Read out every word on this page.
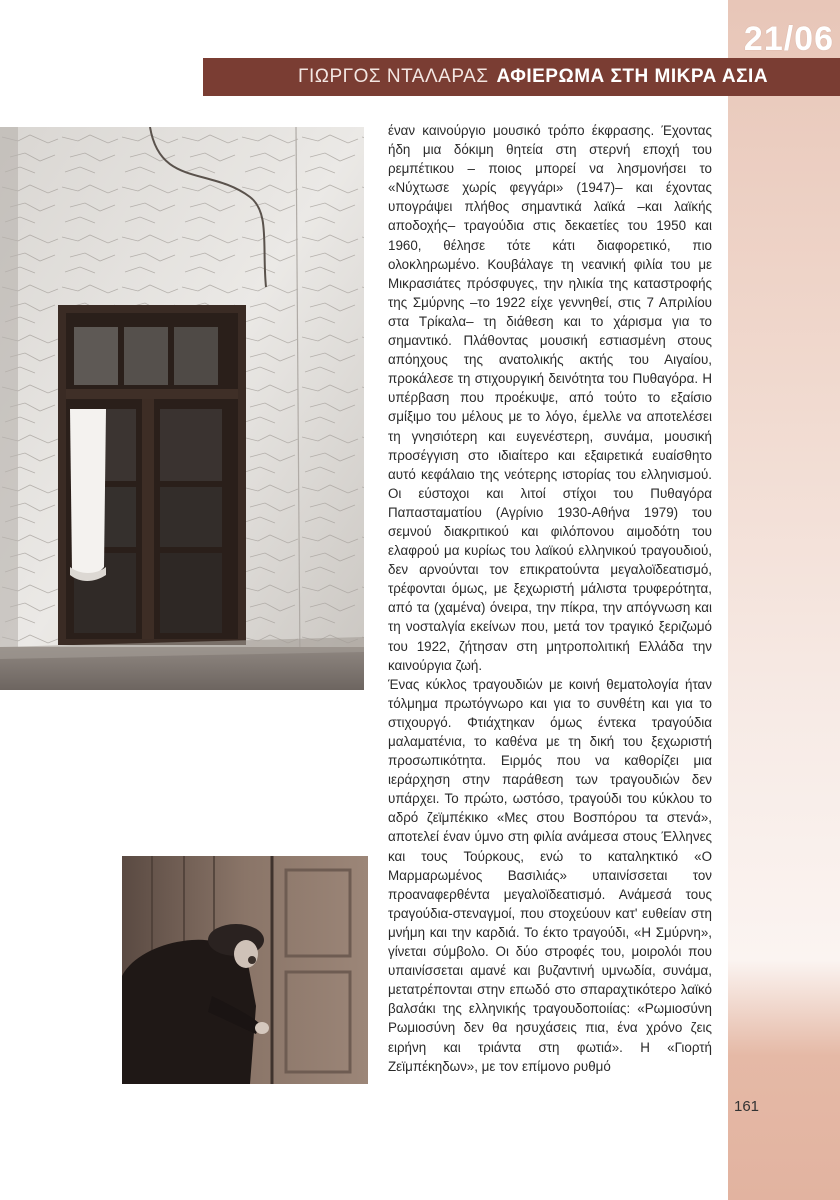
21/06
ΓΙΩΡΓΟΣ ΝΤΑΛΑΡΑΣ ΑΦΙΕΡΩΜΑ ΣΤΗ ΜΙΚΡΑ ΑΣΙΑ

έναν καινούργιο μουσικό τρόπο έκφρασης. Έχοντας ήδη μια δόκιμη θητεία στη στερνή εποχή του ρεμπέτικου – ποιος μπορεί να λησμονήσει το «Νύχτωσε χωρίς φεγγάρι» (1947)– και έχοντας υπογράψει πλήθος σημαντικά λαϊκά –και λαϊκής αποδοχής– τραγούδια στις δεκαετίες του 1950 και 1960, θέλησε τότε κάτι διαφορετικό, πιο ολοκληρωμένο. Κουβάλαγε τη νεανική φιλία του με Μικρασιάτες πρόσφυγες, την ηλικία της καταστροφής της Σμύρνης –το 1922 είχε γεννηθεί, στις 7 Απριλίου στα Τρίκαλα– τη διάθεση και το χάρισμα για το σημαντικό. Πλάθοντας μουσική εστιασμένη στους απόηχους της ανατολικής ακτής του Αιγαίου, προκάλεσε τη στιχουργική δεινότητα του Πυθαγόρα. Η υπέρβαση που προέκυψε, από τούτο το εξαίσιο σμίξιμο του μέλους με το λόγο, έμελλε να αποτελέσει τη γνησιότερη και ευγενέστερη, συνάμα, μουσική προσέγγιση στο ιδιαίτερο και εξαιρετικά ευαίσθητο αυτό κεφάλαιο της νεότερης ιστορίας του ελληνισμού. Οι εύστοχοι και λιτοί στίχοι του Πυθαγόρα Παπασταματίου (Αγρίνιο 1930-Αθήνα 1979) του σεμνού διακριτικού και φιλόπονου αιμοδότη του ελαφρού μα κυρίως του λαϊκού ελληνικού τραγουδιού, δεν αρνούνται τον επικρατούντα μεγαλοϊδεατισμό, τρέφονται όμως, με ξεχωριστή μάλιστα τρυφερότητα, από τα (χαμένα) όνειρα, την πίκρα, την απόγνωση και τη νοσταλγία εκείνων που, μετά τον τραγικό ξεριζωμό του 1922, ζήτησαν στη μητροπολιτική Ελλάδα την καινούργια ζωή.

Ένας κύκλος τραγουδιών με κοινή θεματολογία ήταν τόλμημα πρωτόγνωρο και για το συνθέτη και για το στιχουργό. Φτιάχτηκαν όμως έντεκα τραγούδια μαλαματένια, το καθένα με τη δική του ξεχωριστή προσωπικότητα. Ειρμός που να καθορίζει μια ιεράρχηση στην παράθεση των τραγουδιών δεν υπάρχει. Το πρώτο, ωστόσο, τραγούδι του κύκλου το αδρό ζεϊμπέκικο «Μες στου Βοσπόρου τα στενά», αποτελεί έναν ύμνο στη φιλία ανάμεσα στους Έλληνες και τους Τούρκους, ενώ το καταληκτικό «Ο Μαρμαρωμένος Βασιλιάς» υπαινίσσεται τον προαναφερθέντα μεγαλοϊδεατισμό. Ανάμεσά τους τραγούδια-στεναγμοί, που στοχεύουν κατ' ευθείαν στη μνήμη και την καρδιά. Το έκτο τραγούδι, «Η Σμύρνη», γίνεται σύμβολο. Οι δύο στροφές του, μοιρολόι που υπαινίσσεται αμανέ και βυζαντινή υμνωδία, συνάμα, μετατρέπονται στην επωδό στο σπαραχτικότερο λαϊκό βαλσάκι της ελληνικής τραγουδοποιίας: «Ρωμιοσύνη Ρωμιοσύνη δεν θα ησυχάσεις πια, ένα χρόνο ζεις ειρήνη και τριάντα στη φωτιά». Η «Γιορτή Ζεϊμπέκηδων», με τον επίμονο ρυθμό

161
